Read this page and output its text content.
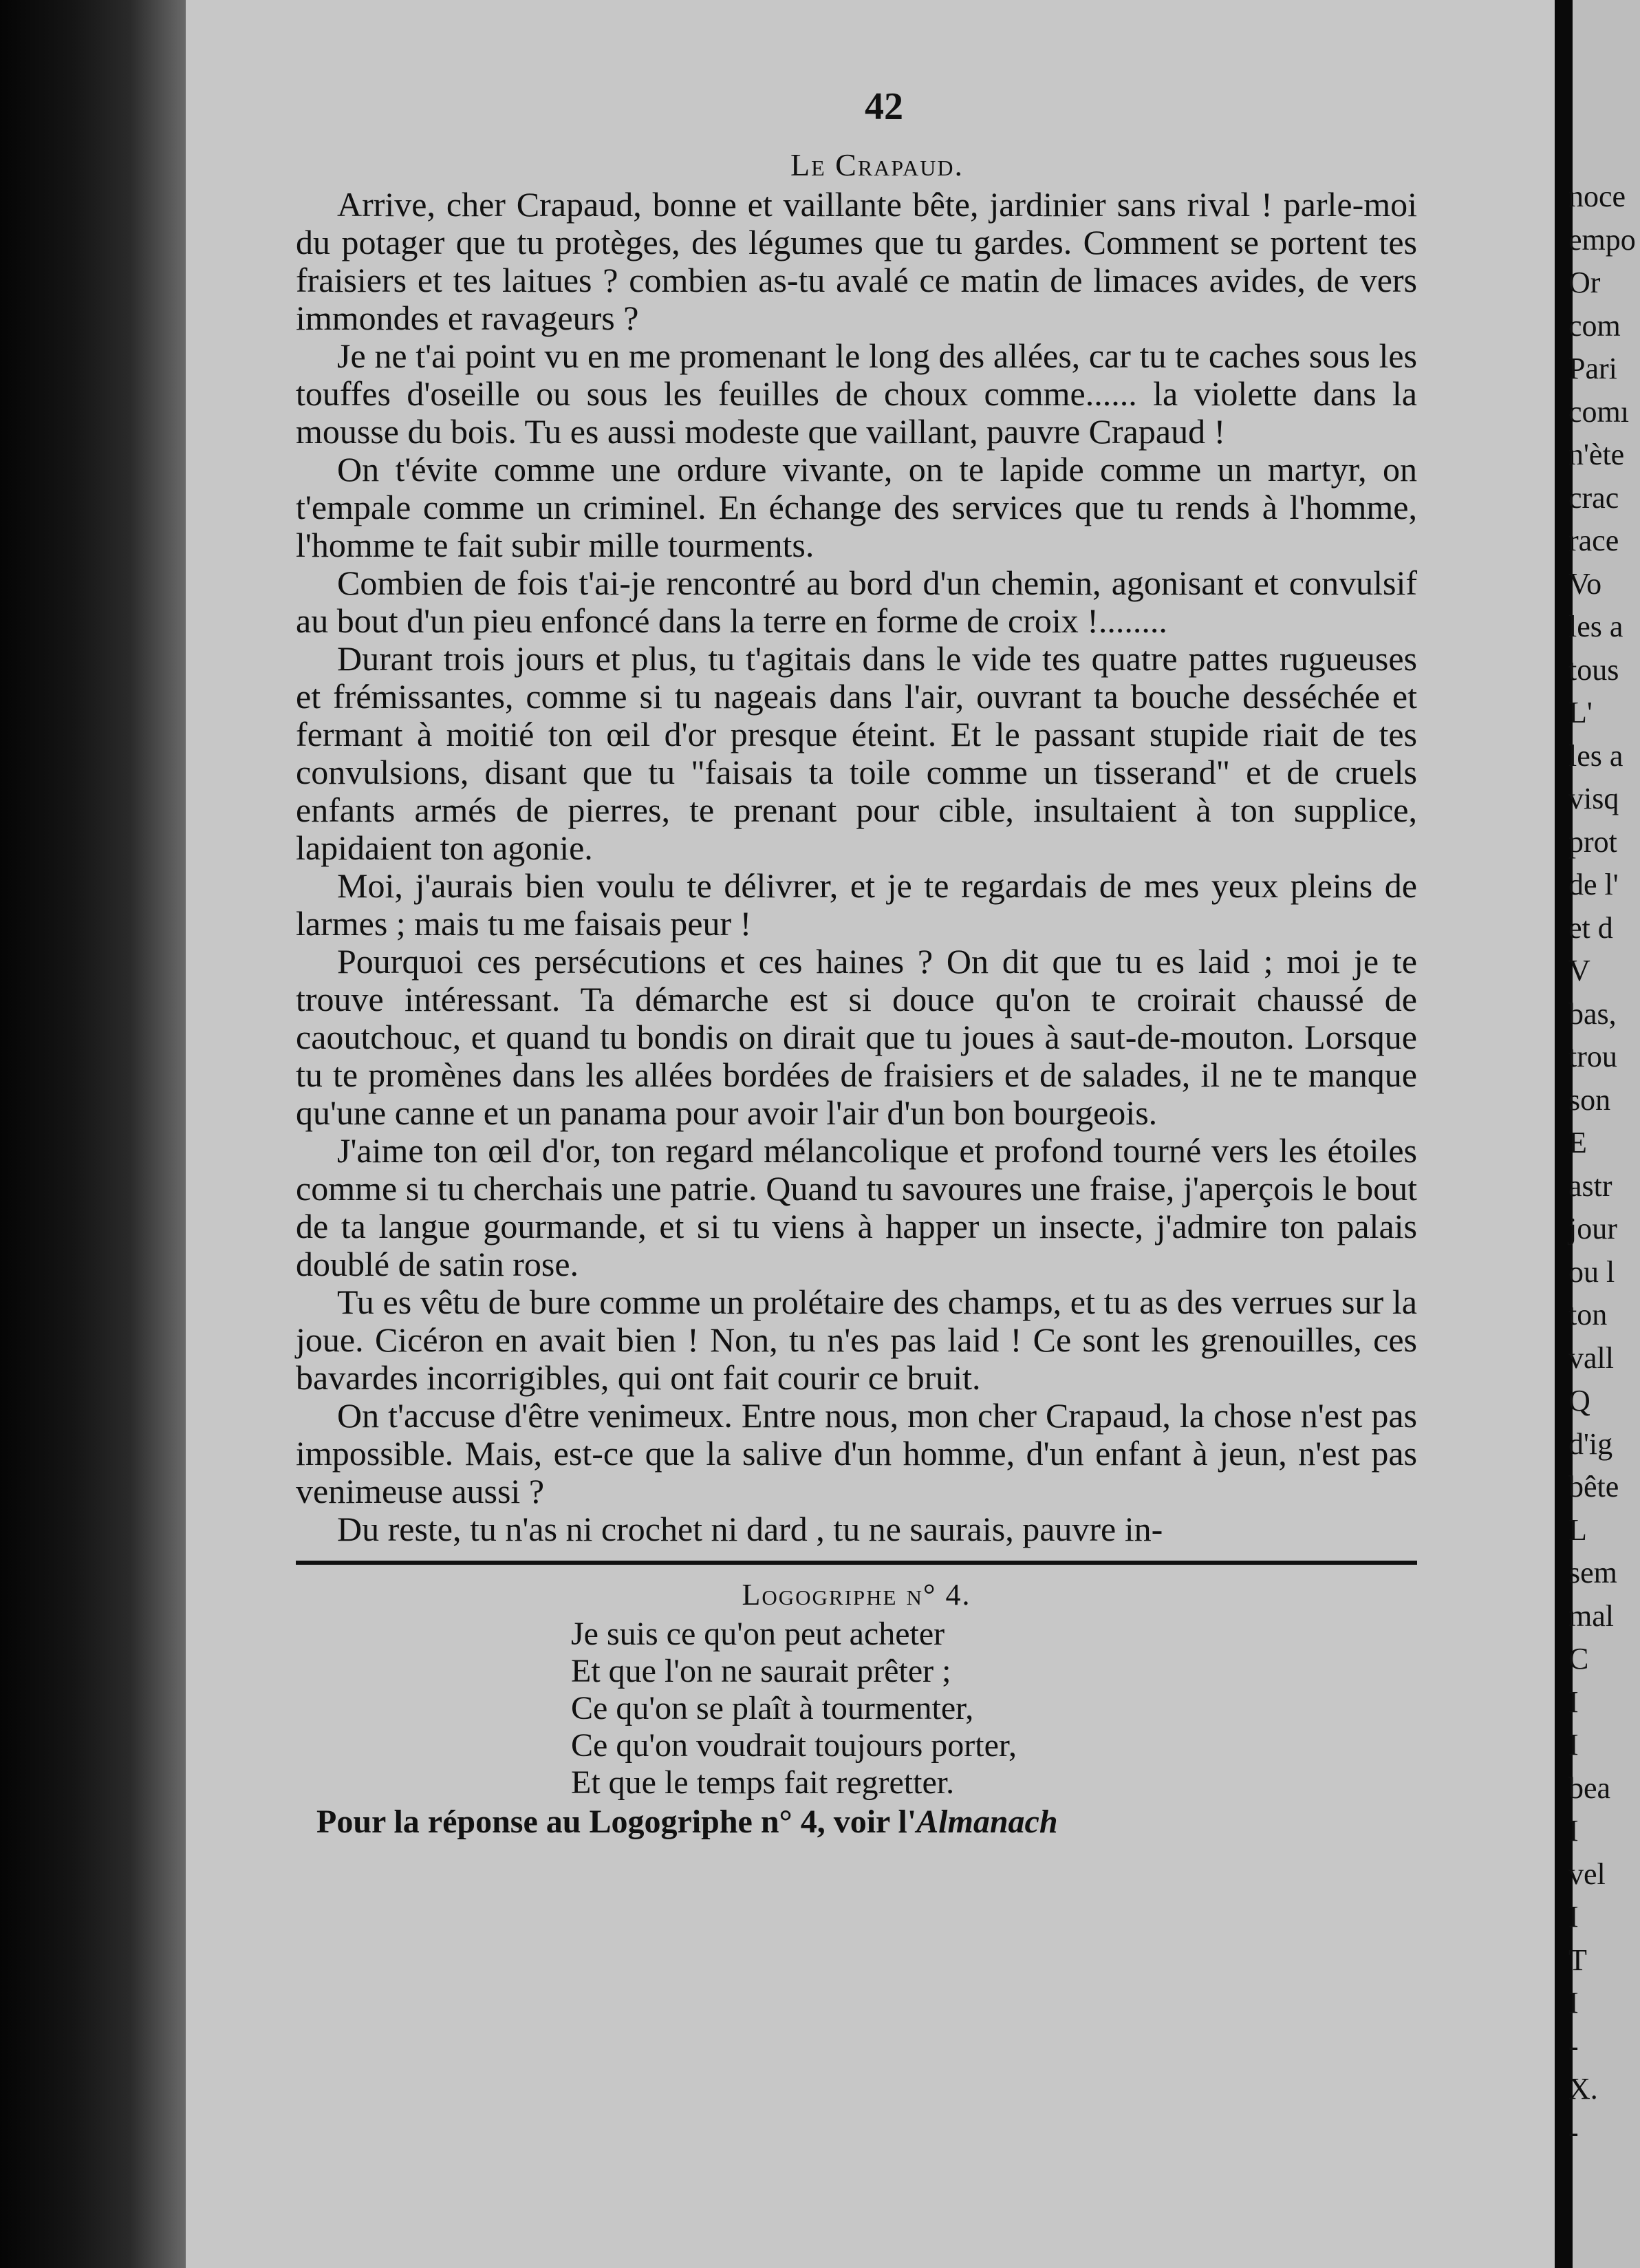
42
Le Crapaud.

Arrive, cher Crapaud, bonne et vaillante bête, jardinier sans rival ! parle-moi du potager que tu protèges, des légumes que tu gardes. Comment se portent tes fraisiers et tes laitues ? combien as-tu avalé ce matin de limaces avides, de vers immondes et ravageurs ?

Je ne t'ai point vu en me promenant le long des allées, car tu te caches sous les touffes d'oseille ou sous les feuilles de choux comme...... la violette dans la mousse du bois. Tu es aussi modeste que vaillant, pauvre Crapaud !

On t'évite comme une ordure vivante, on te lapide comme un martyr, on t'empale comme un criminel. En échange des services que tu rends à l'homme, l'homme te fait subir mille tourments.

Combien de fois t'ai-je rencontré au bord d'un chemin, agonisant et convulsif au bout d'un pieu enfoncé dans la terre en forme de croix !........

Durant trois jours et plus, tu t'agitais dans le vide tes quatre pattes rugueuses et frémissantes, comme si tu nageais dans l'air, ouvrant ta bouche desséchée et fermant à moitié ton œil d'or presque éteint. Et le passant stupide riait de tes convulsions, disant que tu "faisais ta toile comme un tisserand" et de cruels enfants armés de pierres, te prenant pour cible, insultaient à ton supplice, lapidaient ton agonie.

Moi, j'aurais bien voulu te délivrer, et je te regardais de mes yeux pleins de larmes ; mais tu me faisais peur !

Pourquoi ces persécutions et ces haines ? On dit que tu es laid ; moi je te trouve intéressant. Ta démarche est si douce qu'on te croirait chaussé de caoutchouc, et quand tu bondis on dirait que tu joues à saut-de-mouton. Lorsque tu te promènes dans les allées bordées de fraisiers et de salades, il ne te manque qu'une canne et un panama pour avoir l'air d'un bon bourgeois.

J'aime ton œil d'or, ton regard mélancolique et profond tourné vers les étoiles comme si tu cherchais une patrie. Quand tu savoures une fraise, j'aperçois le bout de ta langue gourmande, et si tu viens à happer un insecte, j'admire ton palais doublé de satin rose.

Tu es vêtu de bure comme un prolétaire des champs, et tu as des verrues sur la joue. Cicéron en avait bien ! Non, tu n'es pas laid ! Ce sont les grenouilles, ces bavardes incorrigibles, qui ont fait courir ce bruit.

On t'accuse d'être venimeux. Entre nous, mon cher Crapaud, la chose n'est pas impossible. Mais, est-ce que la salive d'un homme, d'un enfant à jeun, n'est pas venimeuse aussi ?

Du reste, tu n'as ni crochet ni dard , tu ne saurais, pauvre in-

Logogriphe n° 4.
Je suis ce qu'on peut acheter
Et que l'on ne saurait prêter ;
Ce qu'on se plaît à tourmenter,
Ce qu'on voudrait toujours porter,
Et que le temps fait regretter.
Pour la réponse au Logogriphe n° 4, voir l'Almanach
noce
empo
Or
com
Pari
comı
n'ète
crac
race
Vo
les a
tous
L'
les a
visq
prot
de l'
et d
V
bas,
trou
son
E
astr
jour
ou l
ton
vall
Q
d'ig
bête
L
sem
mal
C
I
I
bea
I
vel
I
T
I
-
X.
-
